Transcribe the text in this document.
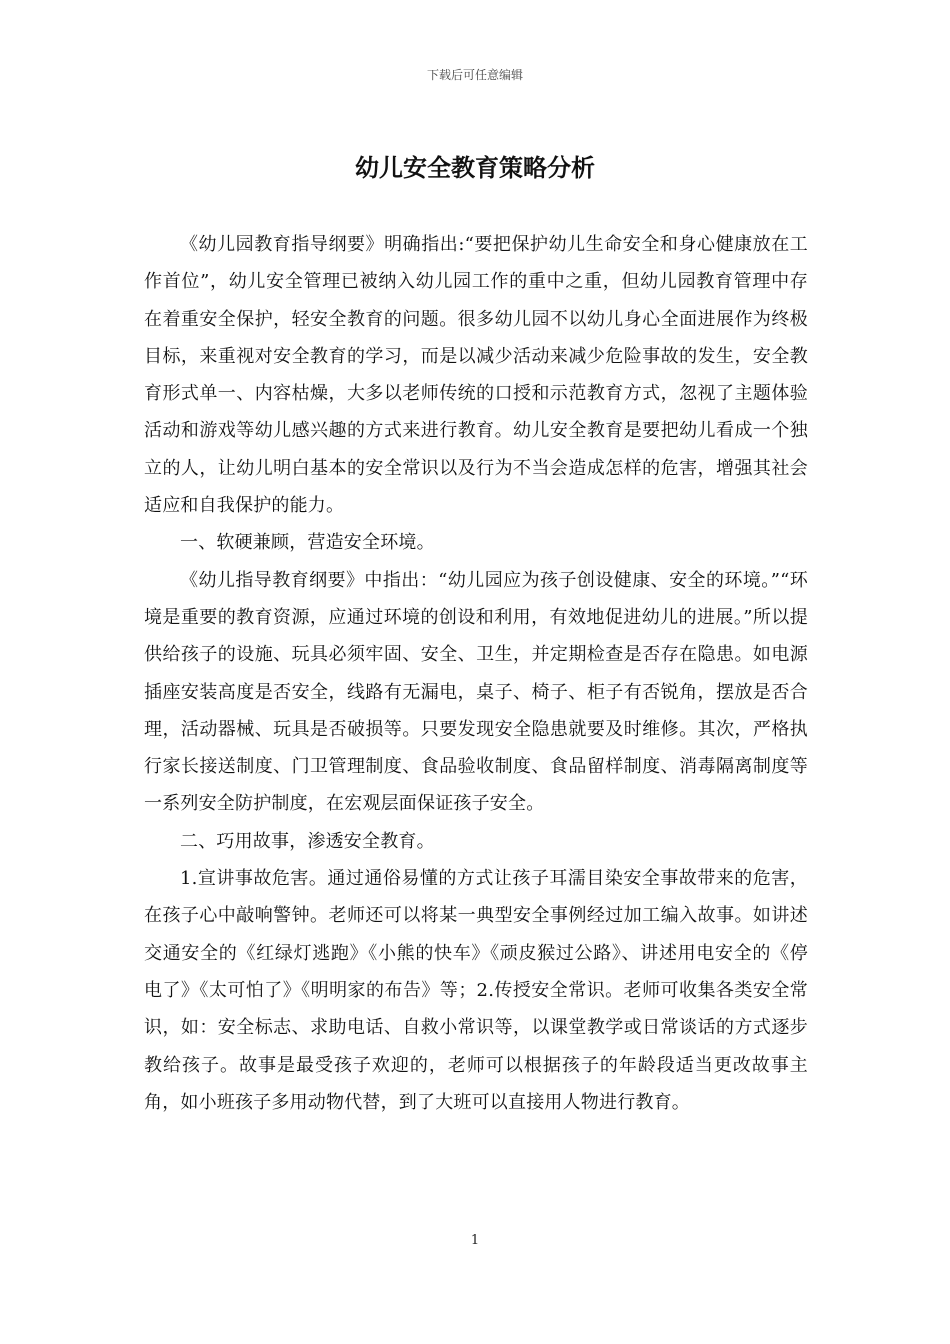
下载后可任意编辑
幼儿安全教育策略分析

《幼儿园教育指导纲要》明确指出:“要把保护幼儿生命安全和身心健康放在工作首位”，幼儿安全管理已被纳入幼儿园工作的重中之重，但幼儿园教育管理中存在着重安全保护，轻安全教育的问题。很多幼儿园不以幼儿身心全面进展作为终极目标，来重视对安全教育的学习，而是以减少活动来减少危险事故的发生，安全教育形式单一、内容枯燥，大多以老师传统的口授和示范教育方式，忽视了主题体验活动和游戏等幼儿感兴趣的方式来进行教育。幼儿安全教育是要把幼儿看成一个独立的人，让幼儿明白基本的安全常识以及行为不当会造成怎样的危害，增强其社会适应和自我保护的能力。

一、软硬兼顾，营造安全环境。

《幼儿指导教育纲要》中指出：“幼儿园应为孩子创设健康、安全的环境。”“环境是重要的教育资源，应通过环境的创设和利用，有效地促进幼儿的进展。”所以提供给孩子的设施、玩具必须牢固、安全、卫生，并定期检查是否存在隐患。如电源插座安装高度是否安全，线路有无漏电，桌子、椅子、柜子有否锐角，摆放是否合理，活动器械、玩具是否破损等。只要发现安全隐患就要及时维修。其次，严格执行家长接送制度、门卫管理制度、食品验收制度、食品留样制度、消毒隔离制度等一系列安全防护制度，在宏观层面保证孩子安全。

二、巧用故事，渗透安全教育。

1.宣讲事故危害。通过通俗易懂的方式让孩子耳濡目染安全事故带来的危害，在孩子心中敲响警钟。老师还可以将某一典型安全事例经过加工编入故事。如讲述交通安全的《红绿灯逃跑》《小熊的快车》《顽皮猴过公路》、讲述用电安全的《停电了》《太可怕了》《明明家的布告》等；2.传授安全常识。老师可收集各类安全常识，如：安全标志、求助电话、自救小常识等，以课堂教学或日常谈话的方式逐步教给孩子。故事是最受孩子欢迎的，老师可以根据孩子的年龄段适当更改故事主角，如小班孩子多用动物代替，到了大班可以直接用人物进行教育。

1
